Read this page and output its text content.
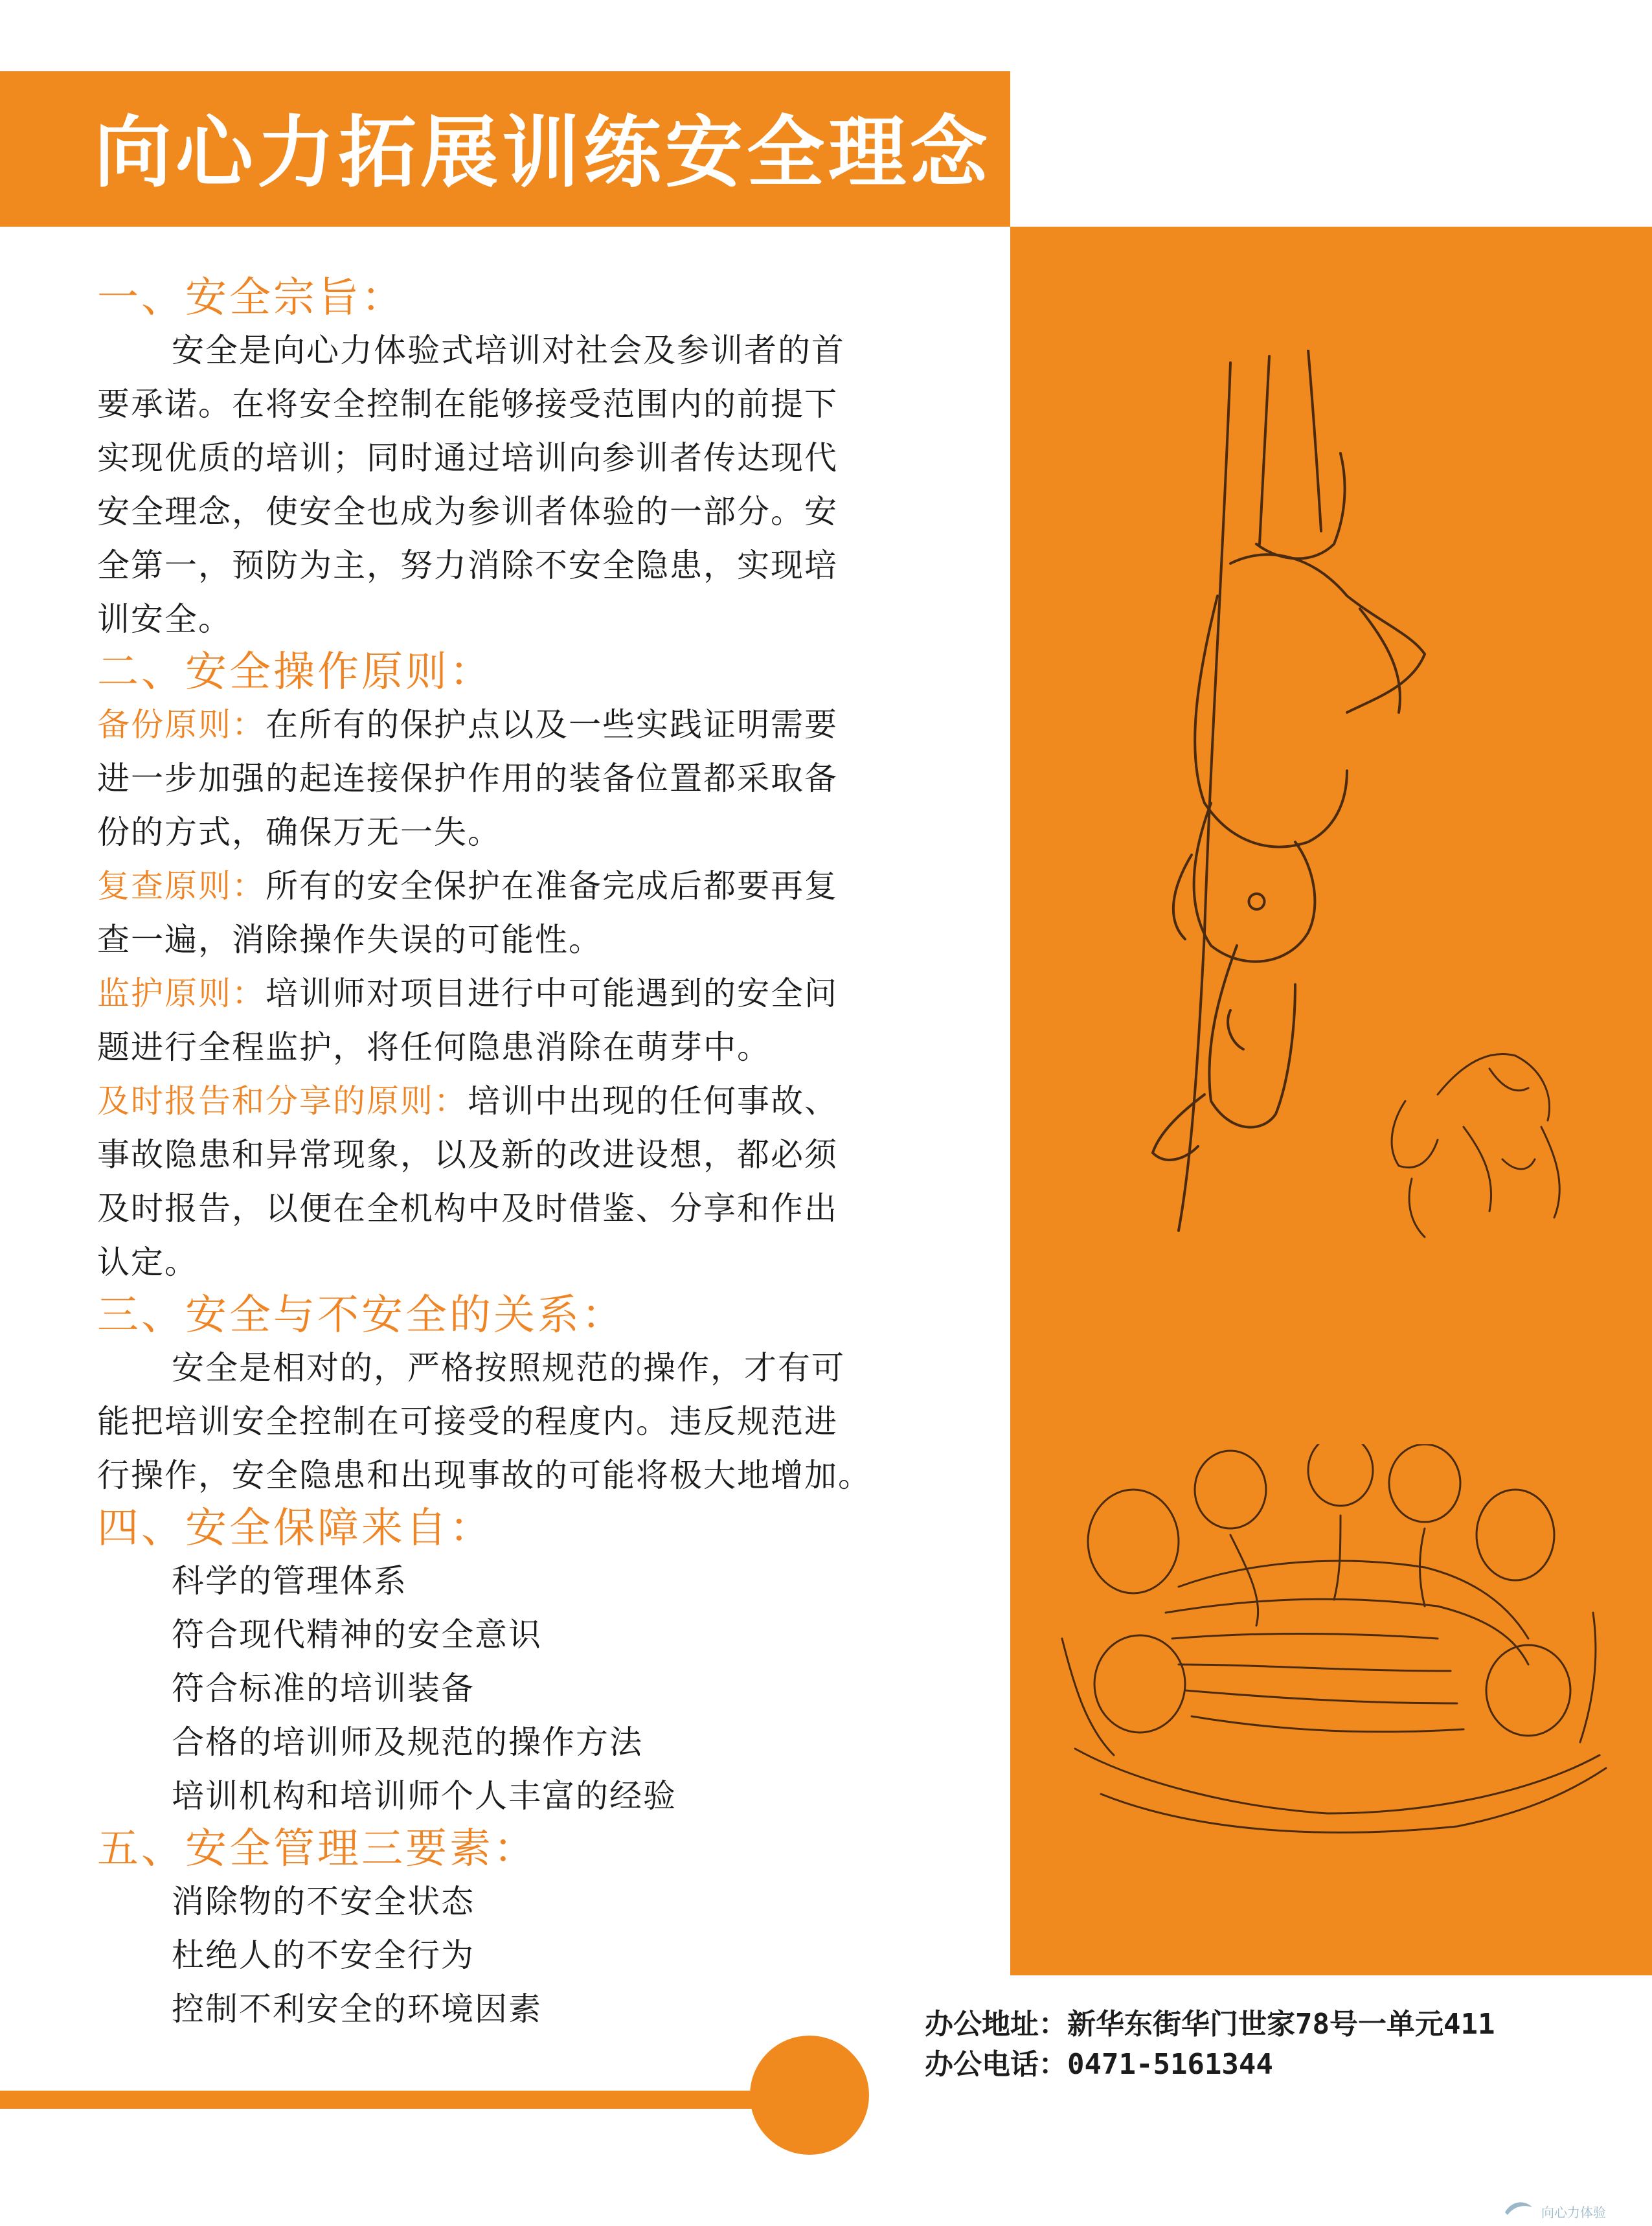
向心力拓展训练安全理念
一、安全宗旨：
安全是向心力体验式培训对社会及参训者的首
要承诺。在将安全控制在能够接受范围内的前提下
实现优质的培训；同时通过培训向参训者传达现代
安全理念，使安全也成为参训者体验的一部分。安
全第一，预防为主，努力消除不安全隐患，实现培
训安全。
二、安全操作原则：
备份原则：在所有的保护点以及一些实践证明需要
进一步加强的起连接保护作用的装备位置都采取备
份的方式，确保万无一失。
复查原则：所有的安全保护在准备完成后都要再复
查一遍，消除操作失误的可能性。
监护原则：培训师对项目进行中可能遇到的安全问
题进行全程监护，将任何隐患消除在萌芽中。
及时报告和分享的原则：培训中出现的任何事故、
事故隐患和异常现象，以及新的改进设想，都必须
及时报告，以便在全机构中及时借鉴、分享和作出
认定。
三、安全与不安全的关系：
安全是相对的，严格按照规范的操作，才有可
能把培训安全控制在可接受的程度内。违反规范进
行操作，安全隐患和出现事故的可能将极大地增加。
四、安全保障来自：
科学的管理体系
符合现代精神的安全意识
符合标准的培训装备
合格的培训师及规范的操作方法
培训机构和培训师个人丰富的经验
五、安全管理三要素：
消除物的不安全状态
杜绝人的不安全行为
控制不利安全的环境因素	办公地址：新华东街华门世家78号一单元411
办公电话：0471-5161344
向心力体验
